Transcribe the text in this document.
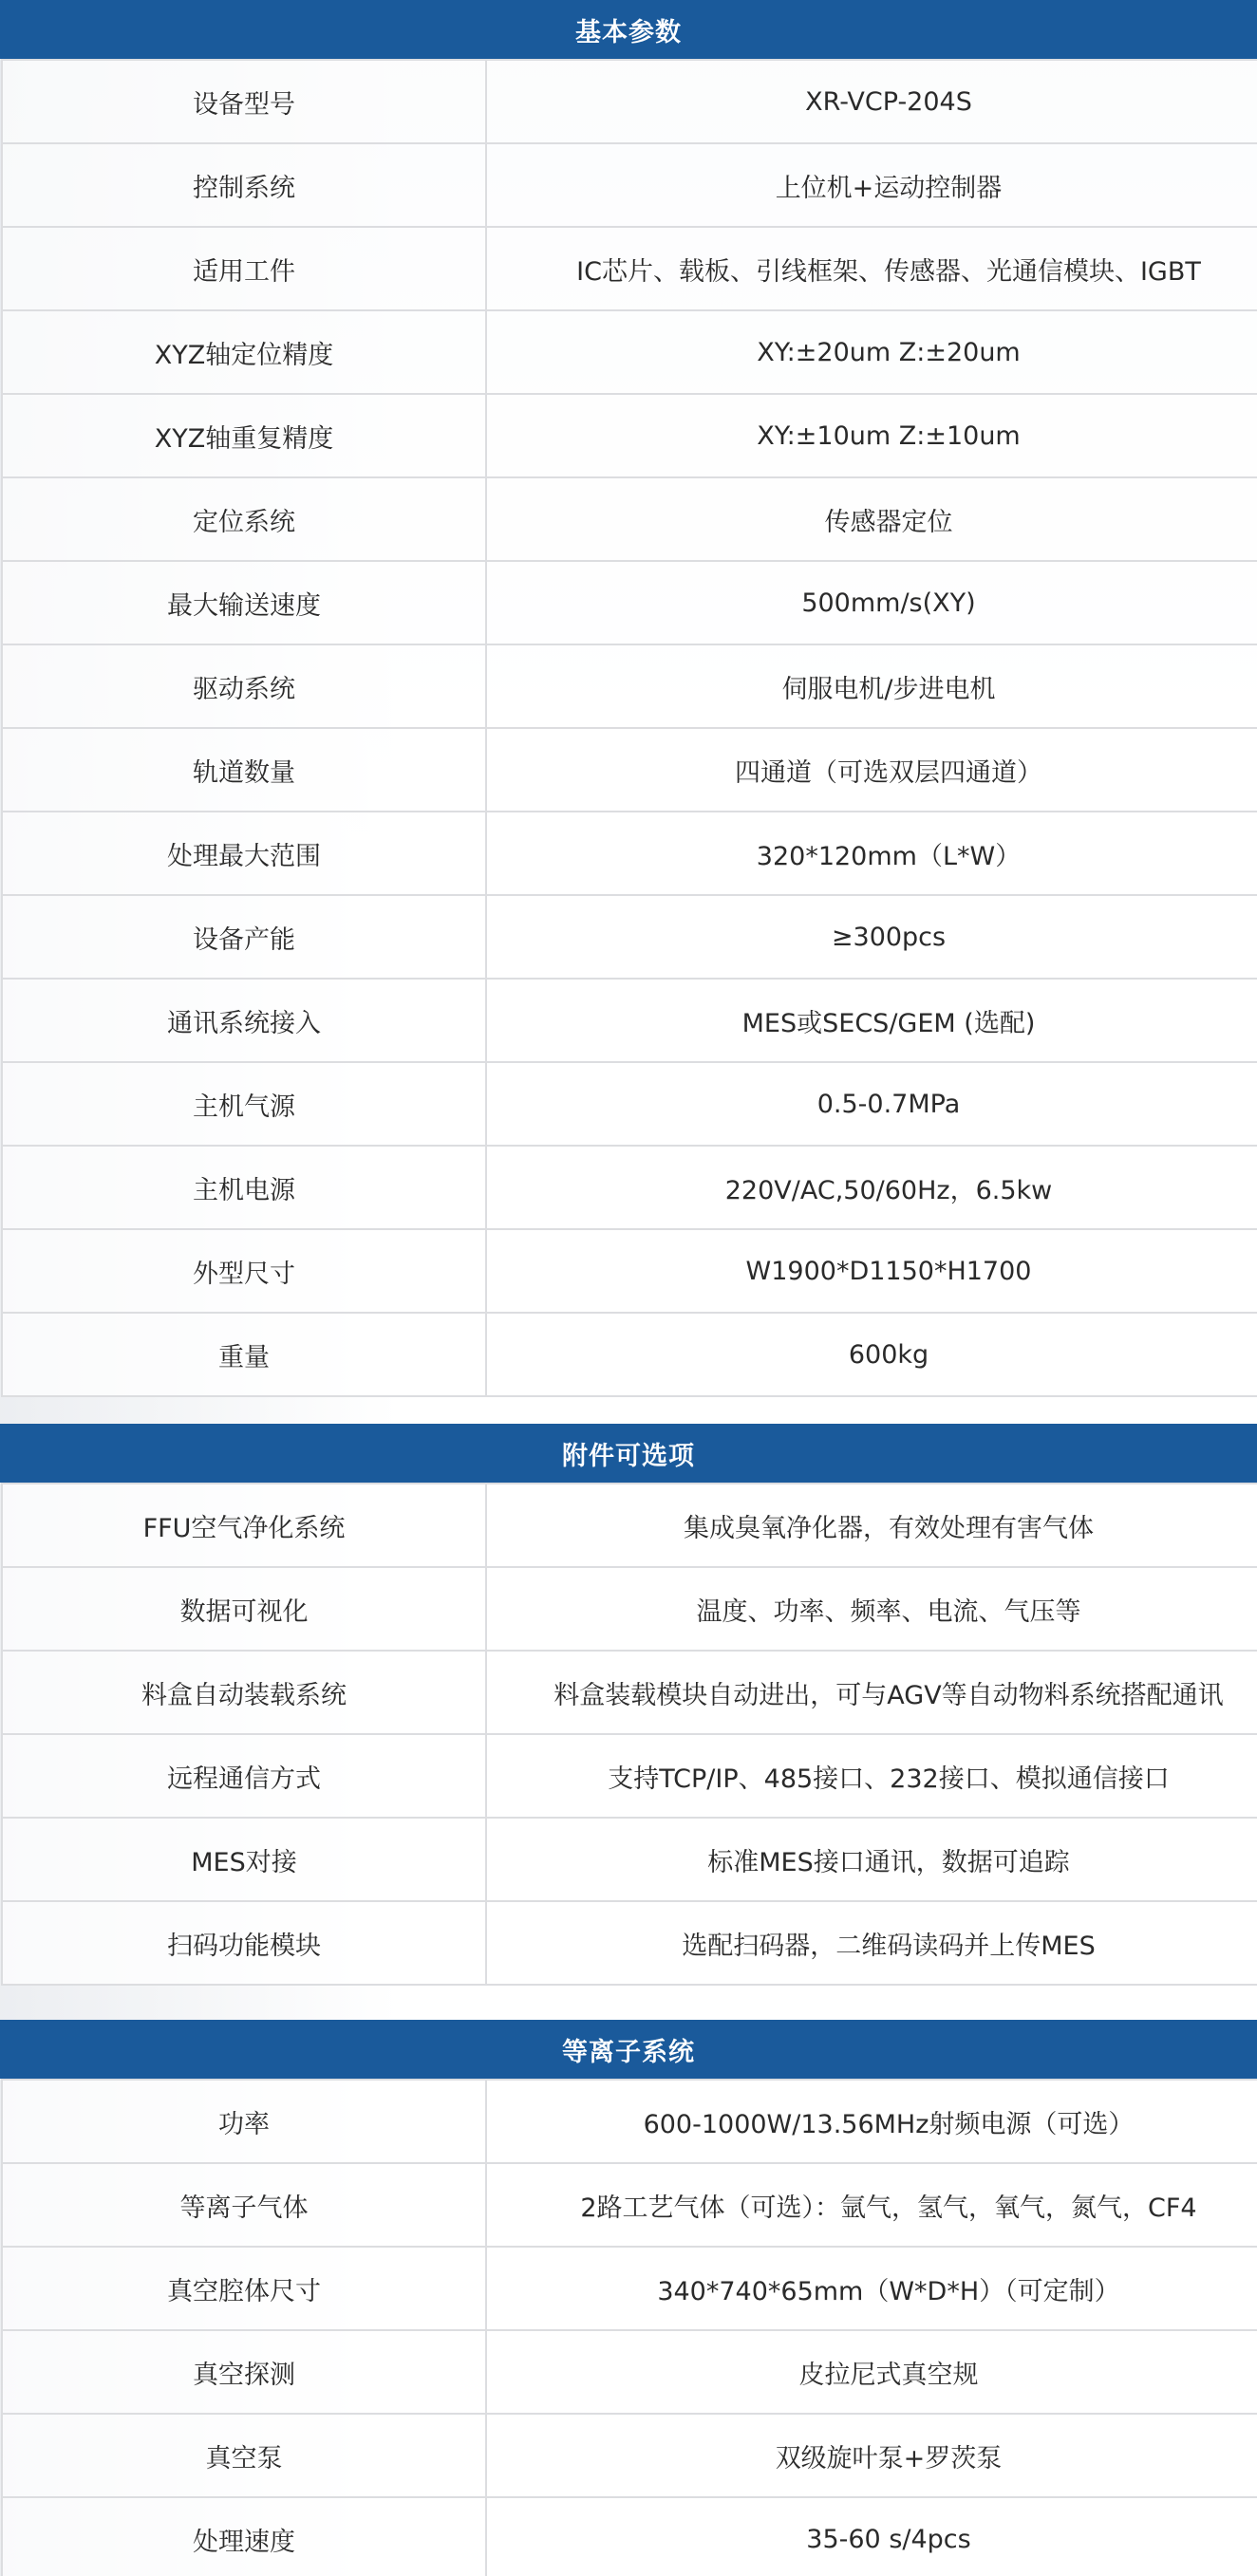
基本参数
设备型号	XR-VCP-204S
控制系统	上位机+运动控制器
适用工件	IC芯片、载板、引线框架、传感器、光通信模块、IGBT
XYZ轴定位精度	XY:±20um Z:±20um
XYZ轴重复精度	XY:±10um Z:±10um
定位系统	传感器定位
最大输送速度	500mm/s(XY)
驱动系统	伺服电机/步进电机
轨道数量	四通道（可选双层四通道）
处理最大范围	320*120mm（L*W）
设备产能	≥300pcs
通讯系统接入	MES或SECS/GEM (选配)
主机气源	0.5-0.7MPa
主机电源	220V/AC,50/60Hz，6.5kw
外型尺寸	W1900*D1150*H1700
重量	600kg
附件可选项
FFU空气净化系统	集成臭氧净化器，有效处理有害气体
数据可视化	温度、功率、频率、电流、气压等
料盒自动装载系统	料盒装载模块自动进出，可与AGV等自动物料系统搭配通讯
远程通信方式	支持TCP/IP、485接口、232接口、模拟通信接口
MES对接	标准MES接口通讯，数据可追踪
扫码功能模块	选配扫码器，二维码读码并上传MES
等离子系统
功率	600-1000W/13.56MHz射频电源（可选）
等离子气体	2路工艺气体（可选）：氩气，氢气，氧气，氮气，CF4
真空腔体尺寸	340*740*65mm（W*D*H）（可定制）
真空探测	皮拉尼式真空规
真空泵	双级旋叶泵+罗茨泵
处理速度	35-60 s/4pcs
